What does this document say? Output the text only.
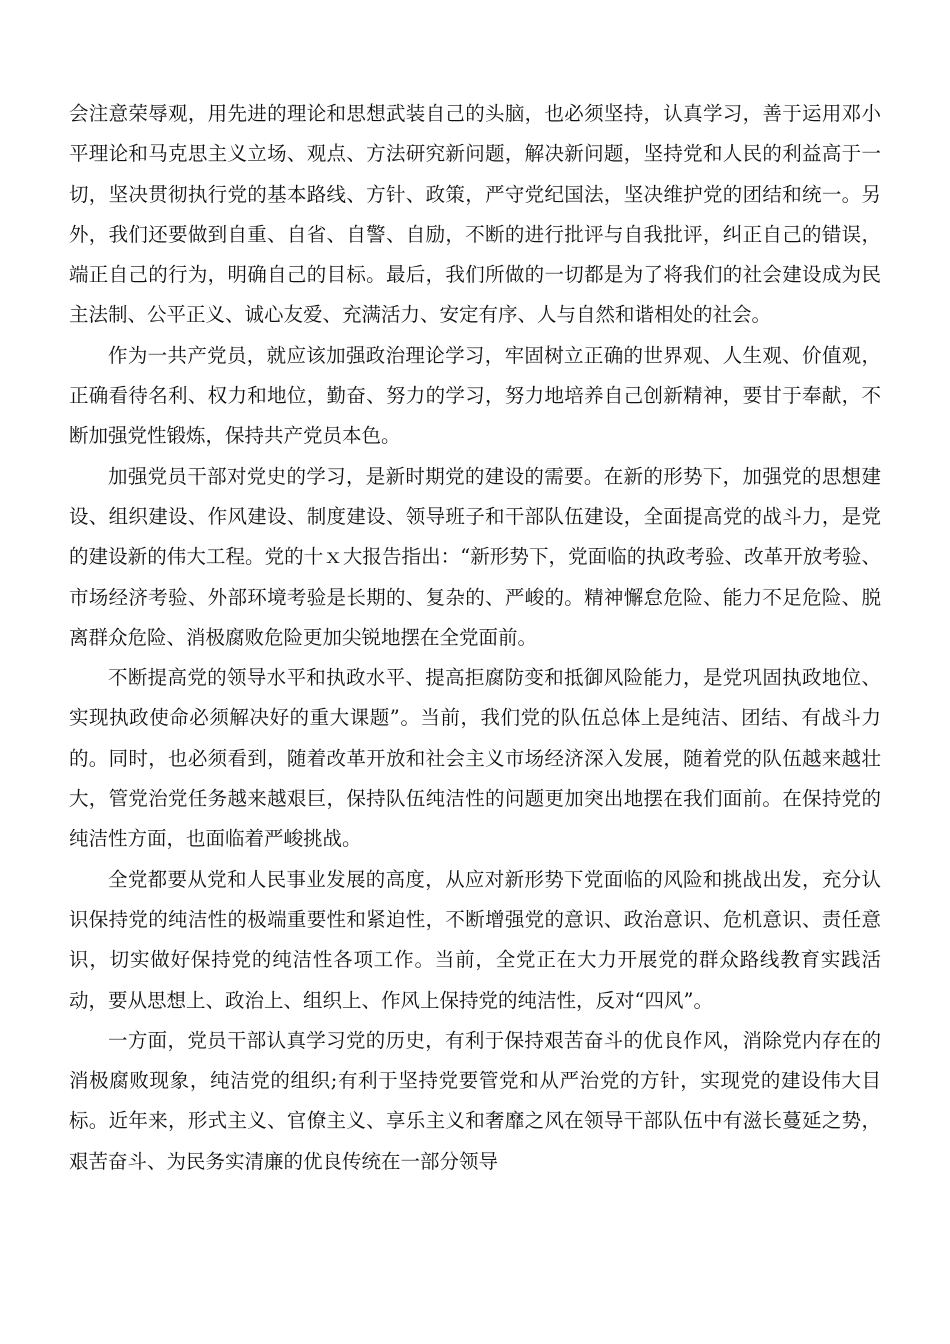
会注意荣辱观，用先进的理论和思想武装自己的头脑，也必须坚持，认真学习，善于运用邓小平理论和马克思主义立场、观点、方法研究新问题，解决新问题，坚持党和人民的利益高于一切，坚决贯彻执行党的基本路线、方针、政策，严守党纪国法，坚决维护党的团结和统一。另外，我们还要做到自重、自省、自警、自励，不断的进行批评与自我批评，纠正自己的错误，端正自己的行为，明确自己的目标。最后，我们所做的一切都是为了将我们的社会建设成为民主法制、公平正义、诚心友爱、充满活力、安定有序、人与自然和谐相处的社会。

作为一共产党员，就应该加强政治理论学习，牢固树立正确的世界观、人生观、价值观，正确看待名利、权力和地位，勤奋、努力的学习，努力地培养自己创新精神，要甘于奉献，不断加强党性锻炼，保持共产党员本色。

加强党员干部对党史的学习，是新时期党的建设的需要。在新的形势下，加强党的思想建设、组织建设、作风建设、制度建设、领导班子和干部队伍建设，全面提高党的战斗力，是党的建设新的伟大工程。党的十ｘ大报告指出：“新形势下，党面临的执政考验、改革开放考验、市场经济考验、外部环境考验是长期的、复杂的、严峻的。精神懈怠危险、能力不足危险、脱离群众危险、消极腐败危险更加尖锐地摆在全党面前。

不断提高党的领导水平和执政水平、提高拒腐防变和抵御风险能力，是党巩固执政地位、实现执政使命必须解决好的重大课题”。当前，我们党的队伍总体上是纯洁、团结、有战斗力的。同时，也必须看到，随着改革开放和社会主义市场经济深入发展，随着党的队伍越来越壮大，管党治党任务越来越艰巨，保持队伍纯洁性的问题更加突出地摆在我们面前。在保持党的纯洁性方面，也面临着严峻挑战。

全党都要从党和人民事业发展的高度，从应对新形势下党面临的风险和挑战出发，充分认识保持党的纯洁性的极端重要性和紧迫性，不断增强党的意识、政治意识、危机意识、责任意识，切实做好保持党的纯洁性各项工作。当前，全党正在大力开展党的群众路线教育实践活动，要从思想上、政治上、组织上、作风上保持党的纯洁性，反对“四风”。

一方面，党员干部认真学习党的历史，有利于保持艰苦奋斗的优良作风，消除党内存在的消极腐败现象，纯洁党的组织;有利于坚持党要管党和从严治党的方针，实现党的建设伟大目标。近年来，形式主义、官僚主义、享乐主义和奢靡之风在领导干部队伍中有滋长蔓延之势，艰苦奋斗、为民务实清廉的优良传统在一部分领导
